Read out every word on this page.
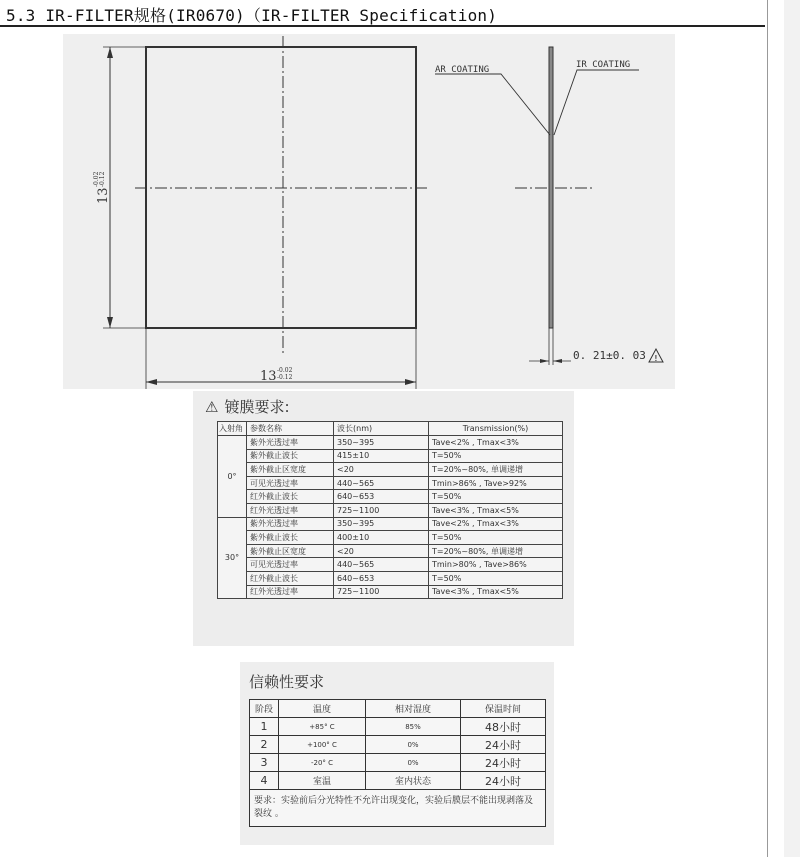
5.3 IR-FILTER规格(IR0670)（IR-FILTER Specification)
13
-0.02 -0.12
13 -0.02
-0.12
AR COATING	IR COATING
0. 21±0. 03 !
⚠ 镀膜要求:
入射角	参数名称	波长(nm)	Transmission(%)
0°	紫外光透过率	350~395	Tave<2% , Tmax<3%
	紫外截止波长	415±10	T=50%
	紫外截止区宽度	<20	T=20%~80%, 单调递增
	可见光透过率	440~565	Tmin>86% , Tave>92%
	红外截止波长	640~653	T=50%
	红外光透过率	725~1100	Tave<3% , Tmax<5%
30°	紫外光透过率	350~395	Tave<2% , Tmax<3%
	紫外截止波长	400±10	T=50%
	紫外截止区宽度	<20	T=20%~80%, 单调递增
	可见光透过率	440~565	Tmin>80% , Tave>86%
	红外截止波长	640~653	T=50%
	红外光透过率	725~1100	Tave<3% , Tmax<5%
信赖性要求
阶段	温度	相对湿度	保温时间
1	+85° C	85%	48小时
2	+100° C	0%	24小时
3	-20° C	0%	24小时
4	室温	室内状态	24小时
要求：实验前后分光特性不允许出现变化，实验后膜层不能出现剥落及裂纹 。			
